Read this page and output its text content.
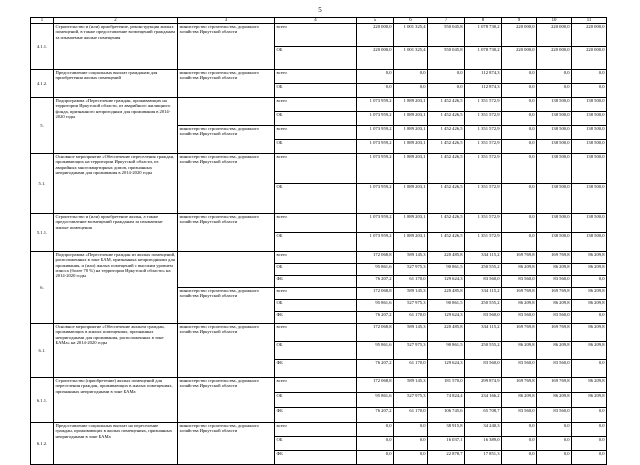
5
1	2	3	4	5	6	7	8	9	10	11
4.1.1.	Строительство и (или) приобретение, реконструкция жилых помещений, в также предоставление возмещений гражданам за изымаемые жилые помещения	министерство строительства, дорожного хозяйства Иркутской области	всего	220 000,0	1 001 325,4	550 045,8	1 078 730,2	220 000,0	220 000,0	220 000,0
			ОБ	220 000,0	1 001 325,4	550 045,8	1 078 730,2	220 000,0	220 000,0	220 000,0
4.1.2.	Предоставление социальных выплат гражданам для приобретения жилых помещений	министерство строительства, дорожного хозяйства Иркутской области	всего	0,0	0,0	0,0	112 874,3	0,0	0,0	0,0
			ОБ	0,0	0,0	0,0	112 874,3	0,0	0,0	0,0
5.	Подпрограмма «Переселение граждан, проживающих на территории Иркутской области, из аварийного жилищного фонда, признанного непригодным для проживания в 2014-2020 годы		всего	1 073 959,2	1 889 203,1	1 452 426,5	1 351 572,9	0,0	138 500,0	138 500,0
			ОБ	1 073 959,2	1 889 203,1	1 452 426,5	1 351 572,9	0,0	138 500,0	138 500,0
		министерство строительства, дорожного хозяйства Иркутской области	всего	1 073 959,2	1 889 203,1	1 452 426,5	1 351 572,9	0,0	138 500,0	138 500,0
			ОБ	1 073 959,2	1 889 203,1	1 452 426,5	1 351 572,9	0,0	138 500,0	138 500,0
5.1.	Основное мероприятие «Обеспечение переселения граждан, проживающих на территории Иркутской области, из аварийных многоквартирных домов, признанных непригодными для проживания в 2014-2020 годы	министерство строительства, дорожного хозяйства Иркутской области	всего	1 073 959,2	1 889 203,1	1 452 426,5	1 351 572,9	0,0	138 500,0	138 500,0
			ОБ	1 073 959,2	1 889 203,1	1 452 426,5	1 351 572,9	0,0	138 500,0	138 500,0
5.1.1.	Строительство и (или) приобретение жилья, а также предоставление возмещений гражданам за изымаемые жилые помещения	министерство строительства, дорожного хозяйства Иркутской области	всего	1 073 959,2	1 889 203,1	1 452 426,5	1 351 572,9	0,0	138 500,0	138 500,0
			ОБ	1 073 959,2	1 889 203,1	1 452 426,5	1 351 572,9	0,0	138 500,0	138 500,0
6.	Подпрограмма «Переселение граждан из жилых помещений, расположенных в зоне БАМ, признанных непригодными для проживания, и (или) жилых помещений с высоким уровнем износа (более 70 %) на территории Иркутской области» на 2014-2020 годы		всего	172 068,8	589 145,3	220 485,8	334 115,2	169 769,8	169 769,8	86 209,8
			ОБ	95 861,6	527 975,3	90 861,5	250 555,2	86 209,8	86 209,8	86 209,8
			ФБ	76 207,2	61 170,0	129 624,3	83 560,0	83 560,0	83 560,0	0,0
		министерство строительства, дорожного хозяйства Иркутской области	всего	172 068,8	589 145,3	220 485,8	334 115,2	169 769,8	169 769,8	86 209,8
			ОБ	95 861,6	527 975,3	90 861,5	250 555,2	86 209,8	86 209,8	86 209,8
			ФБ	76 207,2	61 170,0	129 624,3	83 560,0	83 560,0	83 560,0	0,0
6.1.	Основное мероприятие «Обеспечение жильем граждан, проживающих в жилых помещениях, признанных непригодными для проживания, расположенных в зоне БАМа» на 2014-2020 годы	министерство строительства, дорожного хозяйства Иркутской области	всего	172 068,8	589 145,3	220 485,8	334 115,2	169 769,8	169 769,8	86 209,8
			ОБ	95 861,6	527 975,3	90 861,5	250 555,2	86 209,8	86 209,8	86 209,8
			ФБ	76 207,2	61 170,0	129 624,3	83 560,0	83 560,0	83 560,0	0,0
6.1.1.	Строительство (приобретение) жилых помещений для переселения граждан, проживающих в жилых помещениях, признанных непригодными в зоне БАМа	министерство строительства, дорожного хозяйства Иркутской области	всего	172 068,8	589 145,3	181 570,0	299 874,9	169 769,8	169 769,8	86 209,8
			ОБ	95 861,6	527 975,3	74 824,4	234 166,2	86 209,8	86 209,8	86 209,8
			ФБ	76 207,2	61 170,0	106 745,6	65 708,7	83 560,0	83 560,0	0,0
6.1.2.	Предоставление социальных выплат на переселение граждан, проживающих в жилых помещениях, признанных непригодными в зоне БАМа	министерство строительства, дорожного хозяйства Иркутской области	всего	0,0	0,0	38 915,8	34 240,3	0,0	0,0	0,0
			ОБ	0,0	0,0	16 037,1	16 389,0	0,0	0,0	0,0
			ФБ	0,0	0,0	22 878,7	17 851,3	0,0	0,0	0,0
